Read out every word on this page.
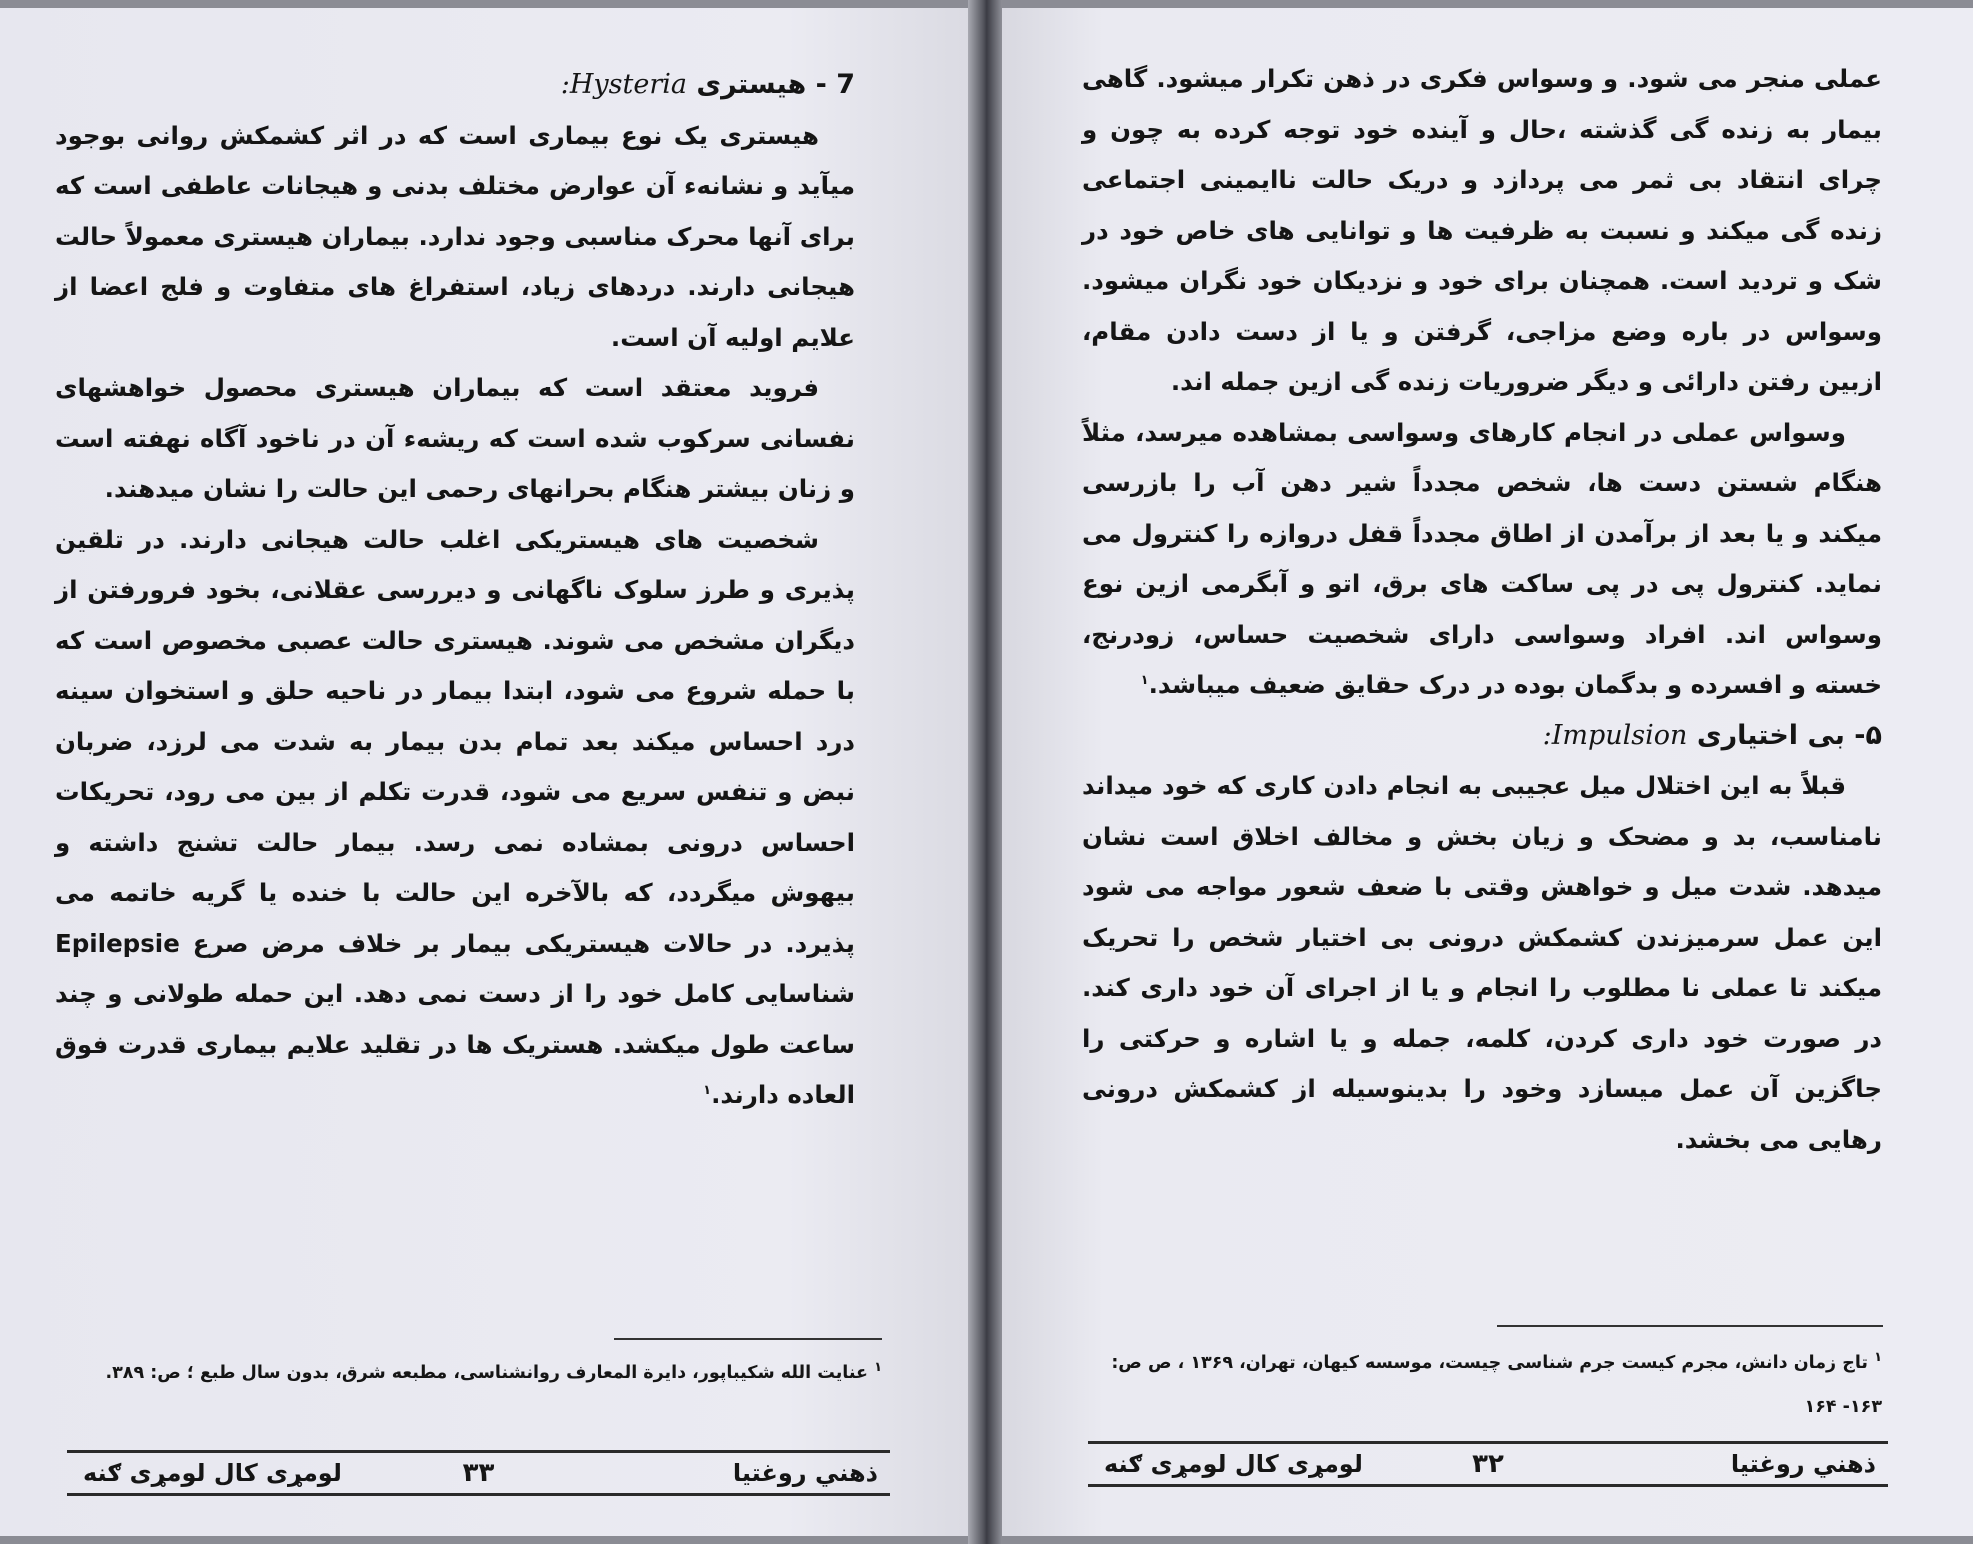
7 - هیستری Hysteria:

هیستری یک نوع بیماری است که در اثر کشمکش روانی بوجود میآید و نشانهء آن عوارض مختلف بدنی و هیجانات عاطفی است که برای آنها محرک مناسبی وجود ندارد. بیماران هیستری معمولاً حالت هیجانی دارند. دردهای زیاد، استفراغ های متفاوت و فلج اعضا از علایم اولیه آن است.

فروید معتقد است که بیماران هیستری محصول خواهشهای نفسانی سرکوب شده است که ریشهء آن در ناخود آگاه نهفته است و زنان بیشتر هنگام بحرانهای رحمی این حالت را نشان میدهند.

شخصیت های هیستریکی اغلب حالت هیجانی دارند. در تلقین پذیری و طرز سلوک ناگهانی و دیررسی عقلانی، بخود فرورفتن از دیگران مشخص می شوند. هیستری حالت عصبی مخصوص است که با حمله شروع می شود، ابتدا بیمار در ناحیه حلق و استخوان سینه درد احساس میکند بعد تمام بدن بیمار به شدت می لرزد، ضربان نبض و تنفس سریع می شود، قدرت تکلم از بین می رود، تحریکات احساس درونی بمشاده نمی رسد. بیمار حالت تشنج داشته و بیهوش میگردد، که بالآخره این حالت با خنده یا گریه خاتمه می پذیرد. در حالات هیستریکی بیمار بر خلاف مرض صرع Epilepsie شناسایی کامل خود را از دست نمی دهد. این حمله طولانی و چند ساعت طول میکشد. هستریک ها در تقلید علایم بیماری قدرت فوق العاده دارند.$^۱$

$^۱$ عنایت الله شکیباپور، دایرة المعارف روانشناسی، مطبعه شرق، بدون سال طبع ؛ ص: ۳۸۹.
ذهني روغتيا
۳۳
لومړی کال لومړی ګنه

عملی منجر می شود. و وسواس فکری در ذهن تکرار میشود. گاهی بیمار به زنده گی گذشته ،حال و آینده خود توجه کرده به چون و چرای انتقاد بی ثمر می پردازد و دریک حالت ناایمینی اجتماعی زنده گی میکند و نسبت به ظرفیت ها و توانایی های خاص خود در شک و تردید است. همچنان برای خود و نزدیکان خود نگران میشود. وسواس در باره وضع مزاجی، گرفتن و یا از دست دادن مقام، ازبین رفتن دارائی و دیگر ضروریات زنده گی ازین جمله اند.

وسواس عملی در انجام کارهای وسواسی بمشاهده میرسد، مثلاً هنگام شستن دست ها، شخص مجدداً شیر دهن آب را بازرسی میکند و یا بعد از برآمدن از اطاق مجدداً قفل دروازه را کنترول می نماید. کنترول پی در پی ساکت های برق، اتو و آبگرمی ازین نوع وسواس اند. افراد وسواسی دارای شخصیت حساس، زودرنج، خسته و افسرده و بدگمان بوده در درک حقایق ضعیف میباشد.$^۱$

۵- بی اختیاری Impulsion:

قبلاً به این اختلال میل عجیبی به انجام دادن کاری که خود میداند نامناسب، بد و مضحک و زیان بخش و مخالف اخلاق است نشان میدهد. شدت میل و خواهش وقتی با ضعف شعور مواجه می شود این عمل سرمیزندن کشمکش درونی بی اختیار شخص را تحریک میکند تا عملی نا مطلوب را انجام و یا از اجرای آن خود داری کند. در صورت خود داری کردن، کلمه، جمله و یا اشاره و حرکتی را جاگزین آن عمل میسازد وخود را بدینوسیله از کشمکش درونی رهایی می بخشد.

$^۱$ تاج زمان دانش، مجرم کیست جرم شناسی چیست، موسسه کیهان، تهران، ۱۳۶۹ ، ص ص: ۱۶۳- ۱۶۴
ذهني روغتيا
۳۲
لومړی کال لومړی ګنه
